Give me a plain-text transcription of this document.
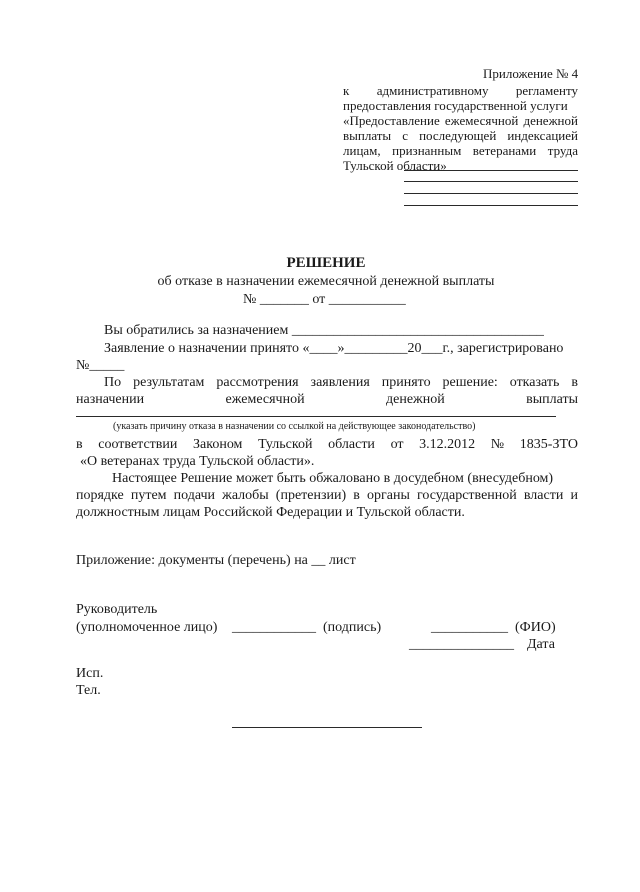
Приложение № 4
к административному регламенту
предоставления государственной услуги
«Предоставление ежемесячной денежной
выплаты с последующей индексацией
лицам, признанным ветеранами труда
Тульской области»
РЕШЕНИЕ
об отказе в назначении ежемесячной денежной выплаты
№ _______ от ___________
Вы обратились за назначением ____________________________________
Заявление о назначении принято «____»_________20___г., зарегистрировано
№_____
По результатам рассмотрения заявления принято решение: отказать в
назначении	ежемесячной	денежной	выплаты
(указать причину отказа в назначении со ссылкой на действующее законодательство)
в соответствии Законом Тульской области от 3.12.2012 № 1835-ЗТО
«О ветеранах труда Тульской области».
Настоящее Решение может быть обжаловано в досудебном (внесудебном)
порядке путем подачи жалобы (претензии) в органы государственной власти и
должностным лицам Российской Федерации и Тульской области.
Приложение: документы (перечень) на __ лист
Руководитель
(уполномоченное лицо) ____________ (подпись)	___________ (ФИО)
_______________ Дата
Исп.
Тел.
